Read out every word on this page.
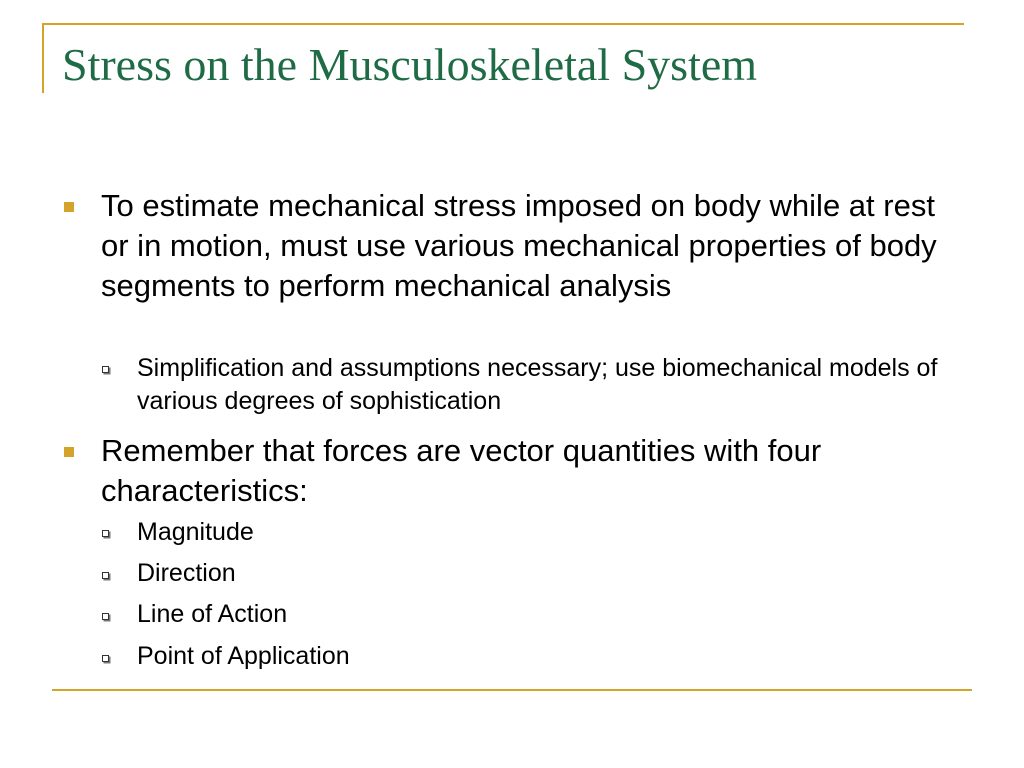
Stress on the Musculoskeletal System
To estimate mechanical stress imposed on body while at rest or in motion, must use various mechanical properties of body segments to perform mechanical analysis
Simplification and assumptions necessary; use biomechanical models of various degrees of sophistication
Remember that forces are vector quantities with four characteristics:
Magnitude
Direction
Line of Action
Point of Application
